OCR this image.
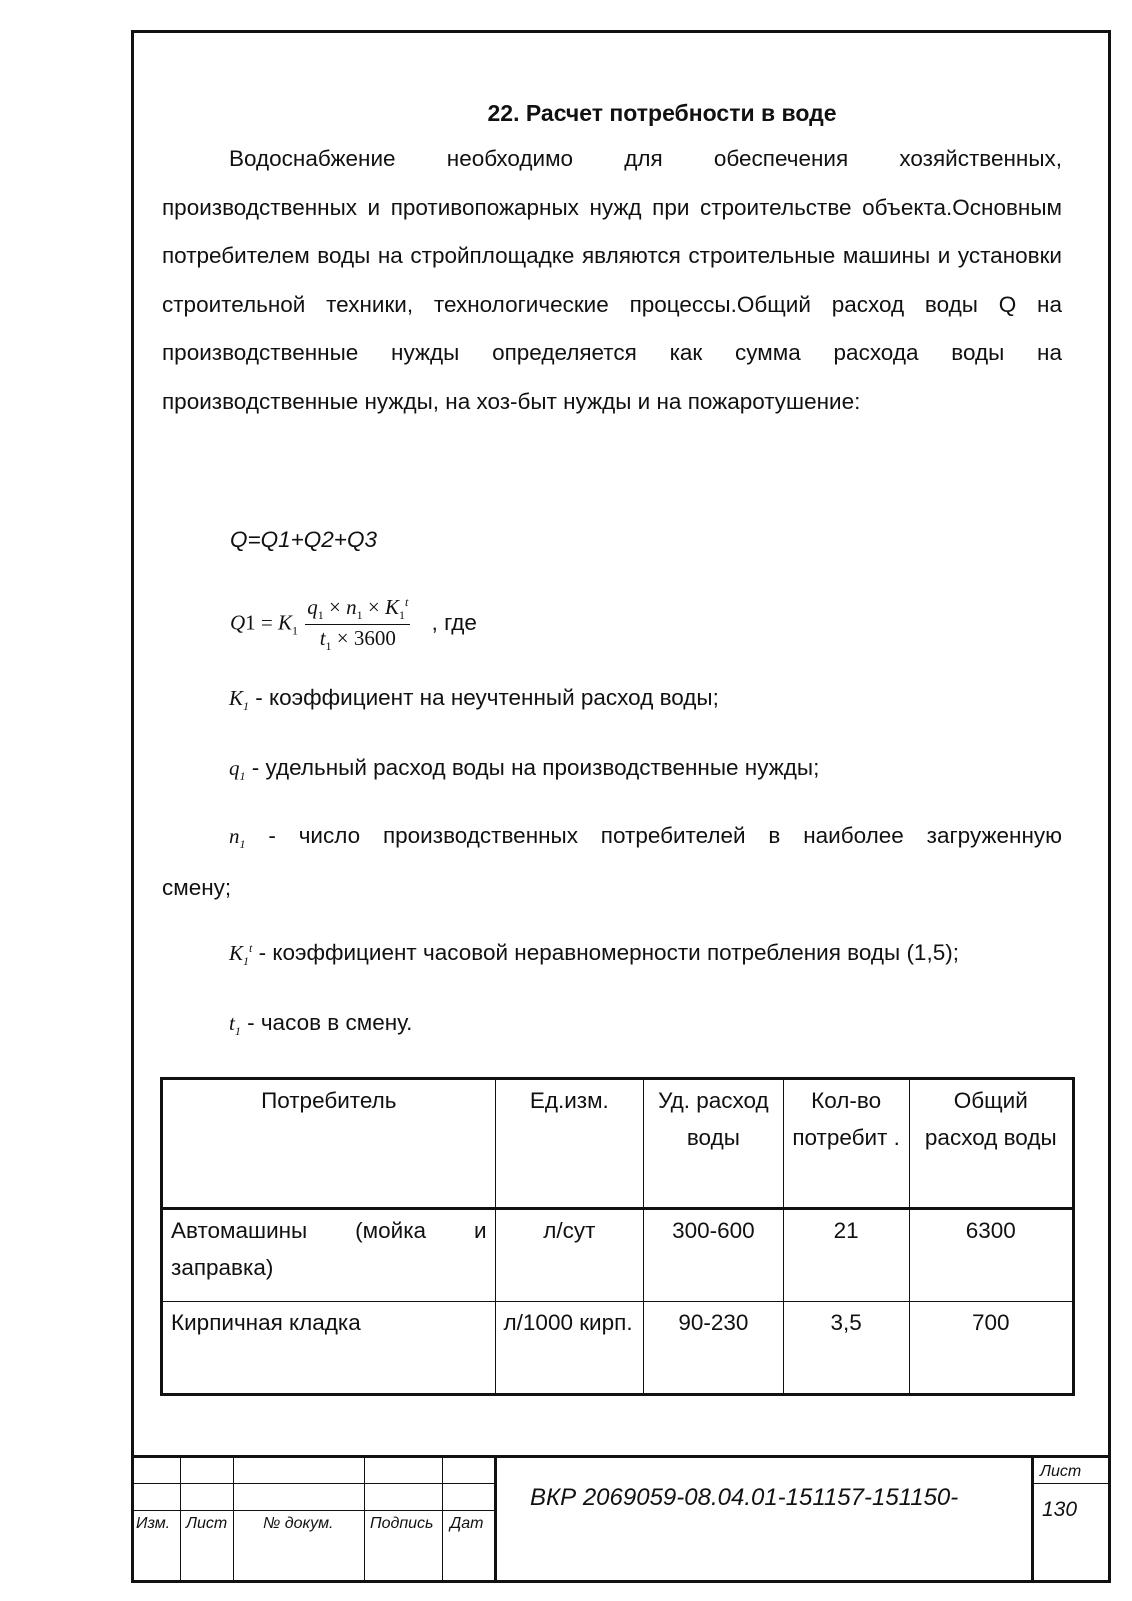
22. Расчет потребности в воде

Водоснабжение необходимо для обеспечения хозяйственных, производственных и противопожарных нужд при строительстве объекта.Основным потребителем воды на стройплощадке являются строительные машины и установки строительной техники, технологические процессы.Общий расход воды Q на производственные нужды определяется как сумма расхода воды на производственные нужды, на хоз-быт нужды и на пожаротушение:

Q=Q1+Q2+Q3
$Q1 = K_1 \frac{q_1 \times n_1 \times K_1^t}{t_1 \times 3600}$ , где
$K_1$ - коэффициент на неучтенный расход воды;
$q_1$ - удельный расход воды на производственные нужды;
$n_1$ - число производственных потребителей в наиболее загруженную
смену;
$K_1^t$ - коэффициент часовой неравномерности потребления воды (1,5);
$t_1$ - часов в смену.
Потребитель	Ед.изм.	Уд. расход воды	Кол-во потребит .	Общий расход воды
Автомашины (мойка и заправка)	л/сут	300-600	21	6300
Кирпичная кладка	л/1000 кирп.	90-230	3,5	700
Изм. Лист № докум. Подпись Дат
ВКР 2069059-08.04.01-151157-151150-
Лист
130
